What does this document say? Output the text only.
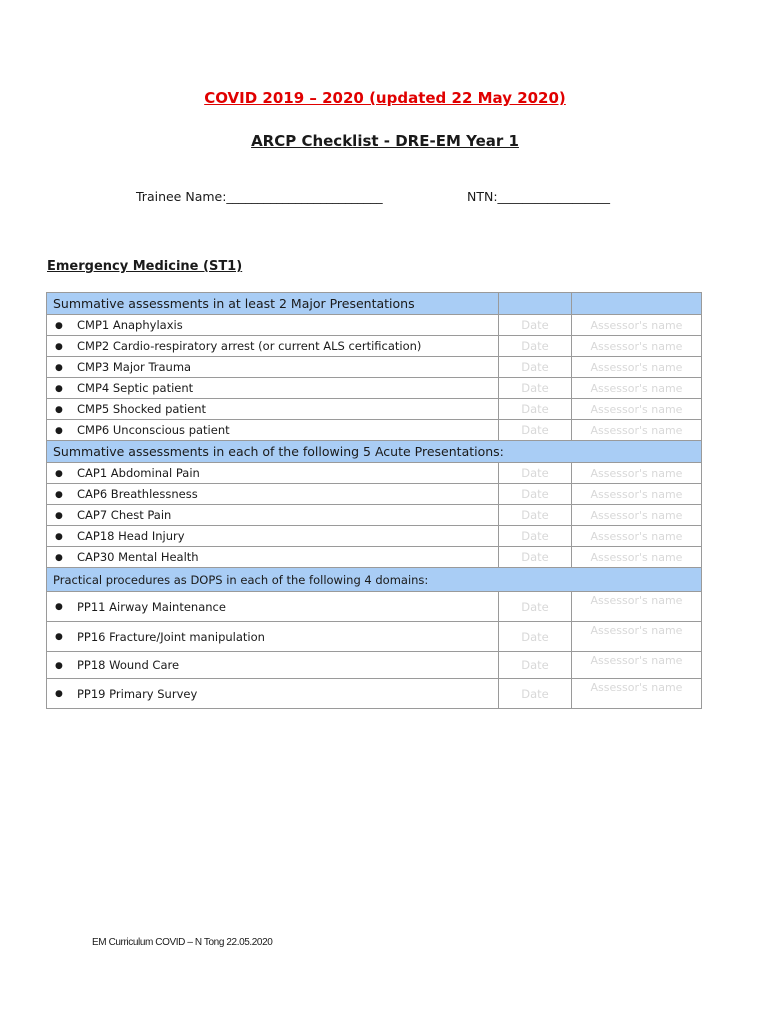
COVID 2019 – 2020 (updated 22 May 2020)
ARCP Checklist - DRE-EM Year 1
Trainee Name:_________________________	NTN:__________________
Emergency Medicine (ST1)
Summative assessments in at least 2 Major Presentations		
● CMP1 Anaphylaxis	Date	Assessor's name
● CMP2 Cardio-respiratory arrest (or current ALS certification)	Date	Assessor's name
● CMP3 Major Trauma	Date	Assessor's name
● CMP4 Septic patient	Date	Assessor's name
● CMP5 Shocked patient	Date	Assessor's name
● CMP6 Unconscious patient	Date	Assessor's name
Summative assessments in each of the following 5 Acute Presentations:		
● CAP1 Abdominal Pain	Date	Assessor's name
● CAP6 Breathlessness	Date	Assessor's name
● CAP7 Chest Pain	Date	Assessor's name
● CAP18 Head Injury	Date	Assessor's name
● CAP30 Mental Health	Date	Assessor's name
Practical procedures as DOPS in each of the following 4 domains:		
● PP11 Airway Maintenance	Date	Assessor's name
● PP16 Fracture/Joint manipulation	Date	Assessor's name
● PP18 Wound Care	Date	Assessor's name
● PP19 Primary Survey	Date	Assessor's name
EM Curriculum COVID – N Tong 22.05.2020
